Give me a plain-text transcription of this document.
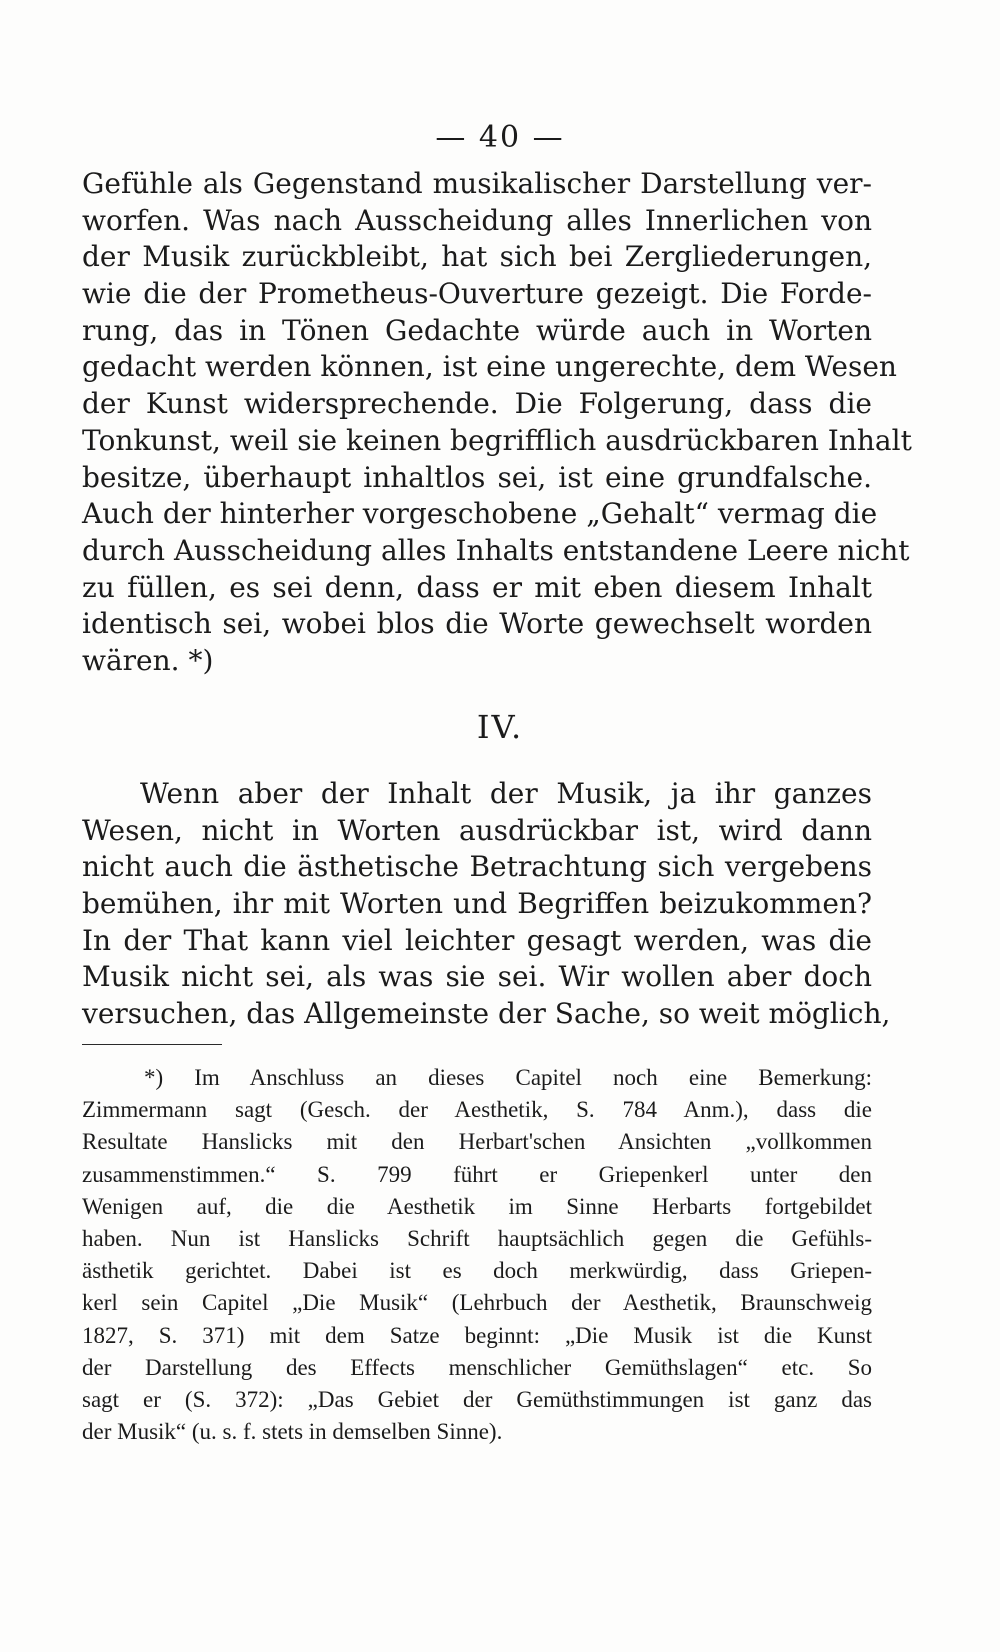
— 40 —
Gefühle als Gegenstand musikalischer Darstellung ver-
worfen. Was nach Ausscheidung alles Innerlichen von
der Musik zurückbleibt, hat sich bei Zergliederungen,
wie die der Prometheus-Ouverture gezeigt. Die Forde-
rung, das in Tönen Gedachte würde auch in Worten
gedacht werden können, ist eine ungerechte, dem Wesen
der Kunst widersprechende. Die Folgerung, dass die
Tonkunst, weil sie keinen begrifflich ausdrückbaren Inhalt
besitze, überhaupt inhaltlos sei, ist eine grundfalsche.
Auch der hinterher vorgeschobene „Gehalt“ vermag die
durch Ausscheidung alles Inhalts entstandene Leere nicht
zu füllen, es sei denn, dass er mit eben diesem Inhalt
identisch sei, wobei blos die Worte gewechselt worden
wären. *)
IV.
Wenn aber der Inhalt der Musik, ja ihr ganzes
Wesen, nicht in Worten ausdrückbar ist, wird dann
nicht auch die ästhetische Betrachtung sich vergebens
bemühen, ihr mit Worten und Begriffen beizukommen?
In der That kann viel leichter gesagt werden, was die
Musik nicht sei, als was sie sei. Wir wollen aber doch
versuchen, das Allgemeinste der Sache, so weit möglich,
*) Im Anschluss an dieses Capitel noch eine Bemerkung:
Zimmermann sagt (Gesch. der Aesthetik, S. 784 Anm.), dass die
Resultate Hanslicks mit den Herbart'schen Ansichten „vollkommen
zusammenstimmen.“ S. 799 führt er Griepenkerl unter den
Wenigen auf, die die Aesthetik im Sinne Herbarts fortgebildet
haben. Nun ist Hanslicks Schrift hauptsächlich gegen die Gefühls-
ästhetik gerichtet. Dabei ist es doch merkwürdig, dass Griepen-
kerl sein Capitel „Die Musik“ (Lehrbuch der Aesthetik, Braunschweig
1827, S. 371) mit dem Satze beginnt: „Die Musik ist die Kunst
der Darstellung des Effects menschlicher Gemüthslagen“ etc. So
sagt er (S. 372): „Das Gebiet der Gemüthstimmungen ist ganz das
der Musik“ (u. s. f. stets in demselben Sinne).
